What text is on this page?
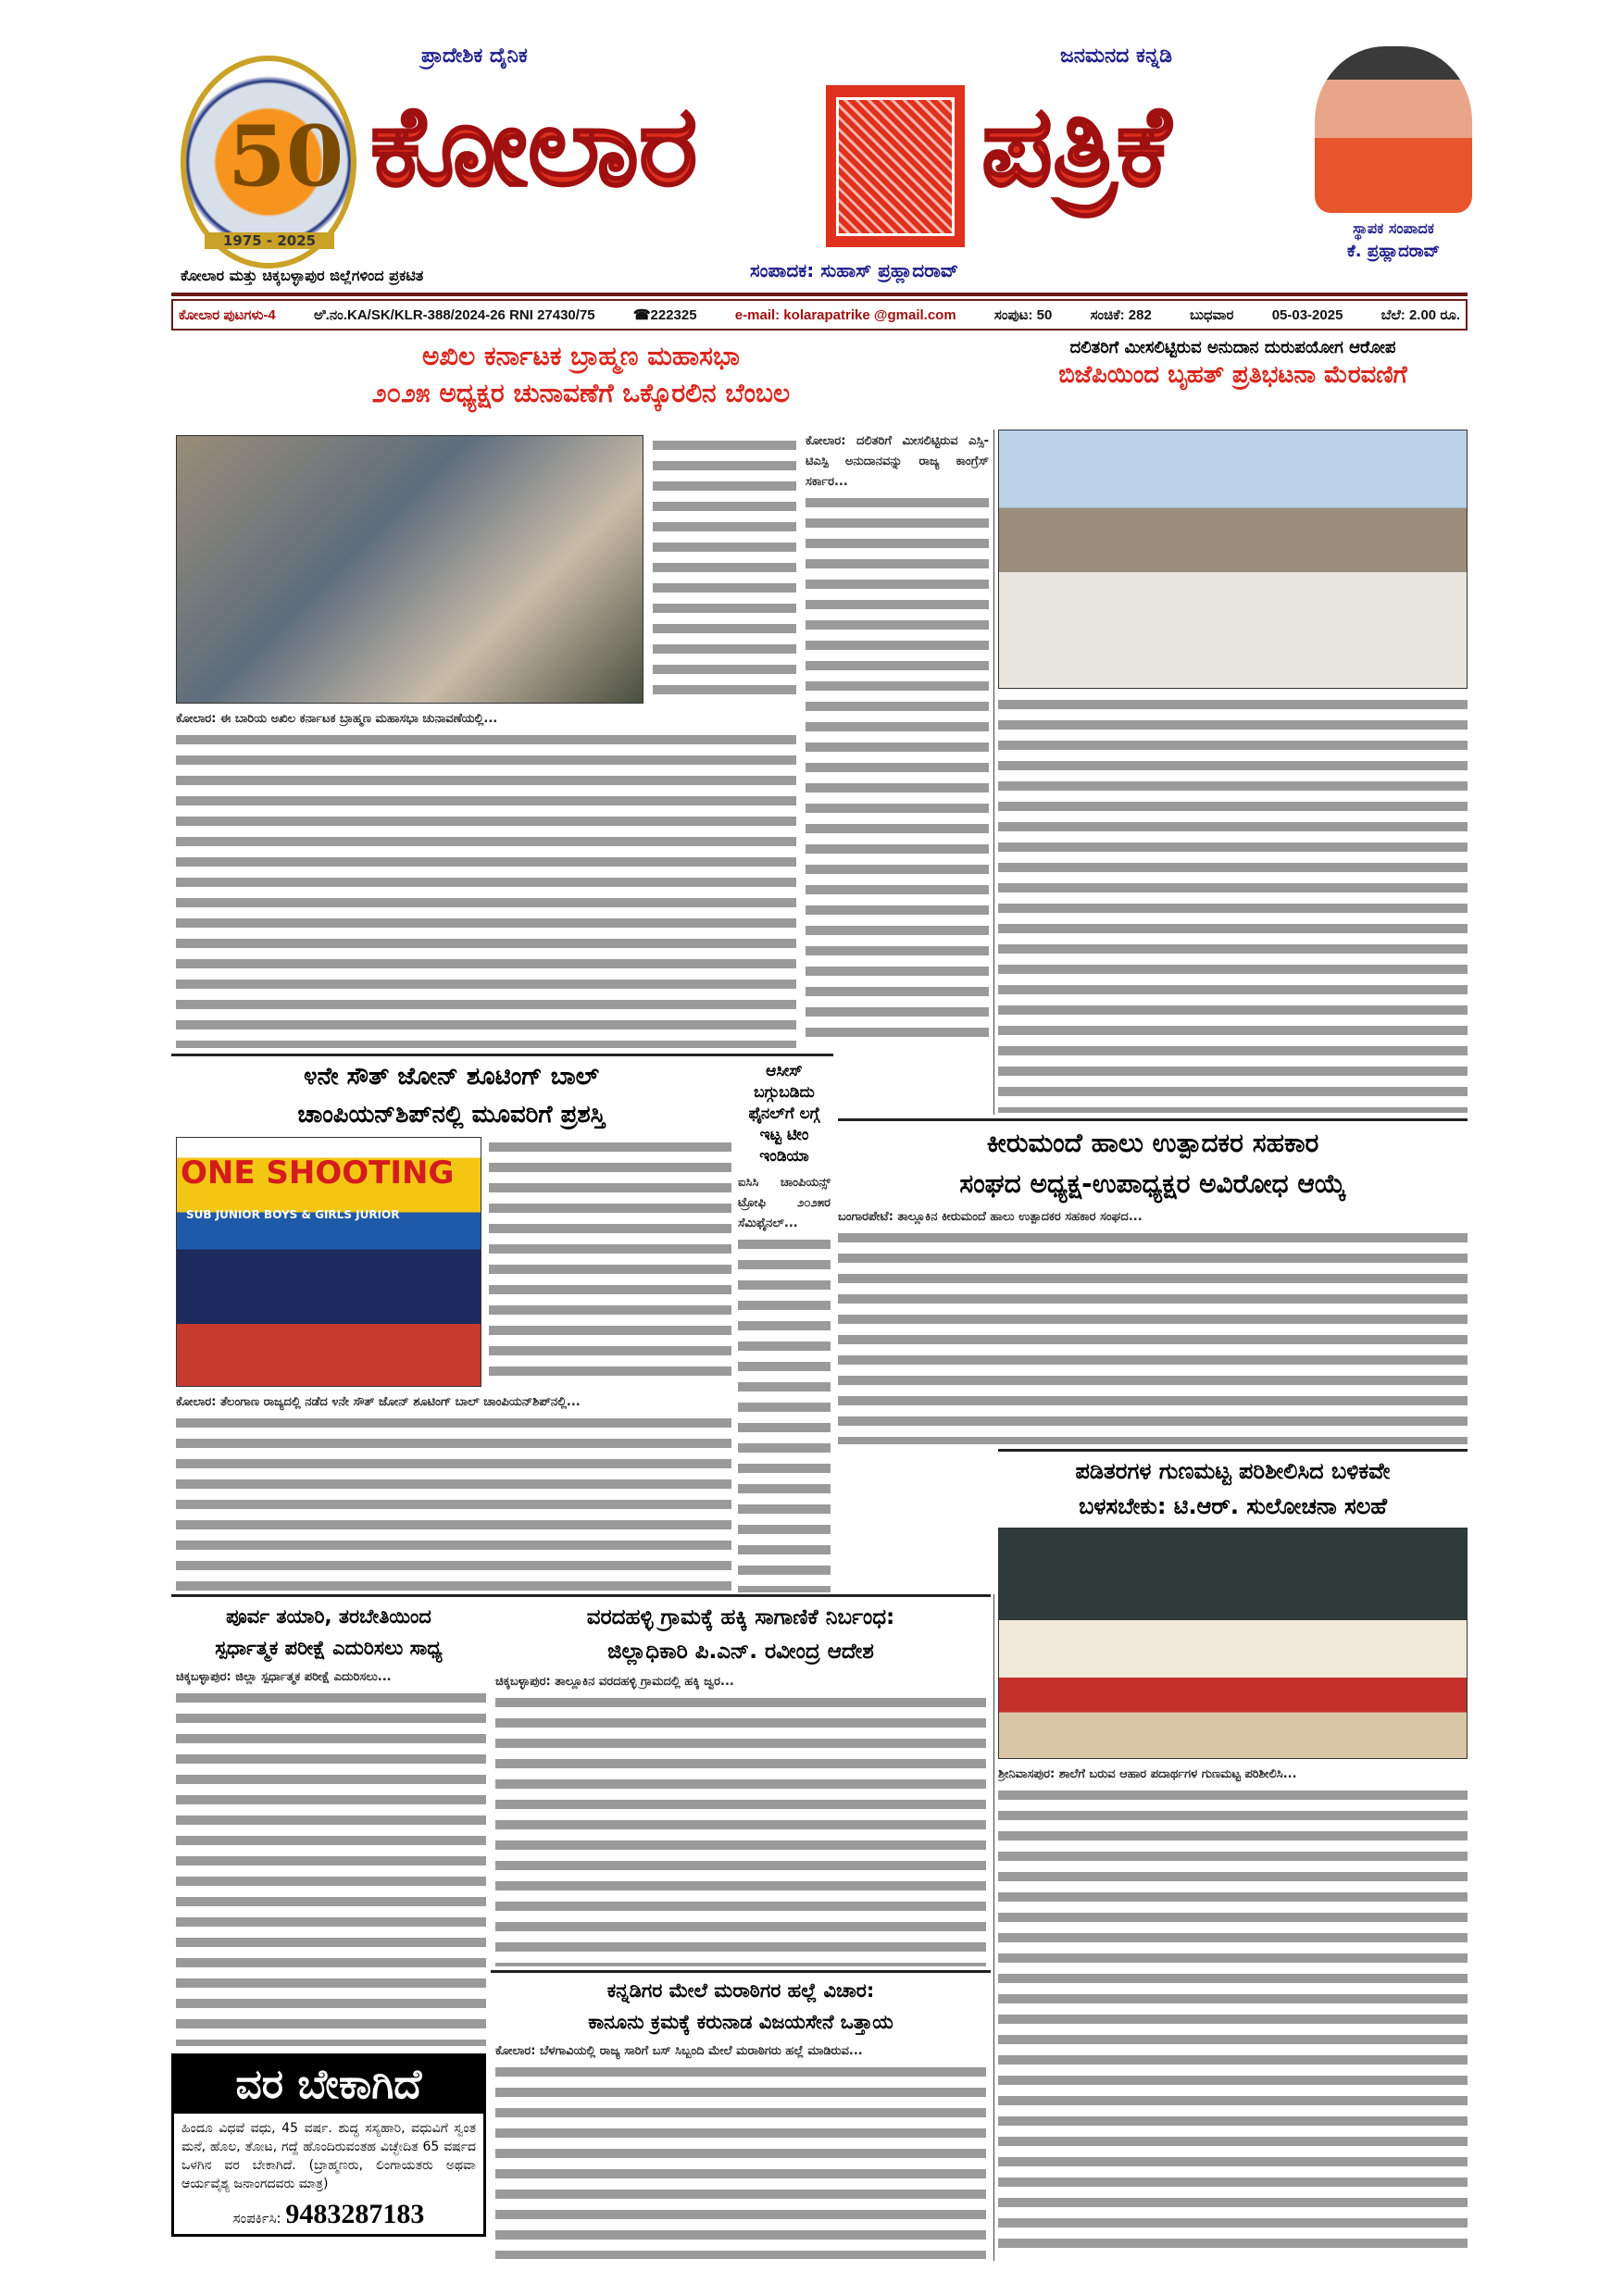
50
1975 - 2025
ಪ್ರಾದೇಶಿಕ ದೈನಿಕ	ಜನಮನದ ಕನ್ನಡಿ
ಕೋಲಾರ	ಪತ್ರಿಕೆ
ಸ್ಥಾಪಕ ಸಂಪಾದಕ
ಕೆ. ಪ್ರಹ್ಲಾದರಾವ್
ಕೋಲಾರ ಮತ್ತು ಚಿಕ್ಕಬಳ್ಳಾಪುರ ಜಿಲ್ಲೆಗಳಿಂದ ಪ್ರಕಟಿತ	ಸಂಪಾದಕ: ಸುಹಾಸ್ ಪ್ರಹ್ಲಾದರಾವ್
ಕೋಲಾರ ಪುಟಗಳು-4	ಅಿ.ನಂ.KA/SK/KLR-388/2024-26 RNI 27430/75	☎222325	e-mail: kolarapatrike @gmail.com	ಸಂಪುಟ: 50	ಸಂಚಿಕೆ: 282	ಬುಧವಾರ	05-03-2025	ಬೆಲೆ: 2.00 ರೂ.
ಅಖಿಲ ಕರ್ನಾಟಕ ಬ್ರಾಹ್ಮಣ ಮಹಾಸಭಾ
೨೦೨೫ ಅಧ್ಯಕ್ಷರ ಚುನಾವಣೆಗೆ ಒಕ್ಕೊರಲಿನ ಬೆಂಬಲ
ಕೋಲಾರ: ಈ ಬಾರಿಯ ಅಖಿಲ ಕರ್ನಾಟಕ ಬ್ರಾಹ್ಮಣ ಮಹಾಸಭಾ ಚುನಾವಣೆಯಲ್ಲಿ...
ದಲಿತರಿಗೆ ಮೀಸಲಿಟ್ಟಿರುವ ಅನುದಾನ ದುರುಪಯೋಗ ಆರೋಪ
ಬಿಜೆಪಿಯಿಂದ ಬೃಹತ್ ಪ್ರತಿಭಟನಾ ಮೆರವಣಿಗೆ
ಕೋಲಾರ: ದಲಿತರಿಗೆ ಮೀಸಲಿಟ್ಟಿರುವ ಎಸ್ಸಿ-ಟಿಎಸ್ಪಿ ಅನುದಾನವನ್ನು ರಾಜ್ಯ ಕಾಂಗ್ರೆಸ್ ಸರ್ಕಾರ...
೪ನೇ ಸೌತ್ ಜೋನ್ ಶೂಟಿಂಗ್ ಬಾಲ್
ಚಾಂಪಿಯನ್‌ಶಿಪ್‌ನಲ್ಲಿ ಮೂವರಿಗೆ ಪ್ರಶಸ್ತಿ
ONE SHOOTING
SUB JUNIOR BOYS & GIRLS JURIOR
ಕೋಲಾರ: ತೆಲಂಗಾಣ ರಾಜ್ಯದಲ್ಲಿ ನಡೆದ ೪ನೇ ಸೌತ್ ಜೋನ್ ಶೂಟಿಂಗ್ ಬಾಲ್ ಚಾಂಪಿಯನ್‌ಶಿಪ್‌ನಲ್ಲಿ...
ಆಸೀಸ್ ಬಗ್ಗುಬಡಿದು ಫೈನಲ್‌ಗೆ ಲಗ್ಗೆ ಇಟ್ಟ ಟೀಂ ಇಂಡಿಯಾ
ಐಸಿಸಿ ಚಾಂಪಿಯನ್ಸ್ ಟ್ರೋಫಿ ೨೦೨೫ರ ಸೆಮಿಫೈನಲ್...
ಕೀರುಮಂದೆ ಹಾಲು ಉತ್ಪಾದಕರ ಸಹಕಾರ
ಸಂಘದ ಅಧ್ಯಕ್ಷ-ಉಪಾಧ್ಯಕ್ಷರ ಅವಿರೋಧ ಆಯ್ಕೆ
ಬಂಗಾರಪೇಟೆ: ತಾಲ್ಲೂಕಿನ ಕೀರುಮಂದೆ ಹಾಲು ಉತ್ಪಾದಕರ ಸಹಕಾರ ಸಂಘದ...
ಪಡಿತರಗಳ ಗುಣಮಟ್ಟ ಪರಿಶೀಲಿಸಿದ ಬಳಿಕವೇ
ಬಳಸಬೇಕು: ಟಿ.ಆರ್. ಸುಲೋಚನಾ ಸಲಹೆ
ಶ್ರೀನಿವಾಸಪುರ: ಶಾಲೆಗೆ ಬರುವ ಆಹಾರ ಪದಾರ್ಥಗಳ ಗುಣಮಟ್ಟ ಪರಿಶೀಲಿಸಿ...
ಪೂರ್ವ ತಯಾರಿ, ತರಬೇತಿಯಿಂದ
ಸ್ಪರ್ಧಾತ್ಮಕ ಪರೀಕ್ಷೆ ಎದುರಿಸಲು ಸಾಧ್ಯ
ಚಿಕ್ಕಬಳ್ಳಾಪುರ: ಜಿಲ್ಲಾ ಸ್ಪರ್ಧಾತ್ಮಕ ಪರೀಕ್ಷೆ ಎದುರಿಸಲು...
ವರ ಬೇಕಾಗಿದೆ
ಹಿಂದೂ ವಿಧವೆ ವಧು, 45 ವರ್ಷ. ಶುದ್ಧ ಸಸ್ಯಹಾರಿ, ವಧುವಿಗೆ ಸ್ವಂತ ಮನೆ, ಹೊಲ, ತೋಟ, ಗದ್ದೆ ಹೊಂದಿರುವಂತಹ ವಿಚ್ಛೇದಿತ 65 ವರ್ಷದ ಒಳಗಿನ ವರ ಬೇಕಾಗಿದೆ. (ಬ್ರಾಹ್ಮಣರು, ಲಿಂಗಾಯತರು ಅಥವಾ ಆರ್ಯವೈಶ್ಯ ಜನಾಂಗದವರು ಮಾತ್ರ)
ಸಂಪರ್ಕಿಸಿ: 9483287183
ವರದಹಳ್ಳಿ ಗ್ರಾಮಕ್ಕೆ ಹಕ್ಕಿ ಸಾಗಾಣಿಕೆ ನಿರ್ಬಂಧ:
ಜಿಲ್ಲಾಧಿಕಾರಿ ಪಿ.ಎನ್. ರವೀಂದ್ರ ಆದೇಶ
ಚಿಕ್ಕಬಳ್ಳಾಪುರ: ತಾಲ್ಲೂಕಿನ ವರದಹಳ್ಳಿ ಗ್ರಾಮದಲ್ಲಿ ಹಕ್ಕಿ ಜ್ವರ...
ಕನ್ನಡಿಗರ ಮೇಲೆ ಮರಾಠಿಗರ ಹಲ್ಲೆ ವಿಚಾರ:
ಕಾನೂನು ಕ್ರಮಕ್ಕೆ ಕರುನಾಡ ವಿಜಯಸೇನೆ ಒತ್ತಾಯ
ಕೋಲಾರ: ಬೆಳಗಾವಿಯಲ್ಲಿ ರಾಜ್ಯ ಸಾರಿಗೆ ಬಸ್ ಸಿಬ್ಬಂದಿ ಮೇಲೆ ಮರಾಠಿಗರು ಹಲ್ಲೆ ಮಾಡಿರುವ...
